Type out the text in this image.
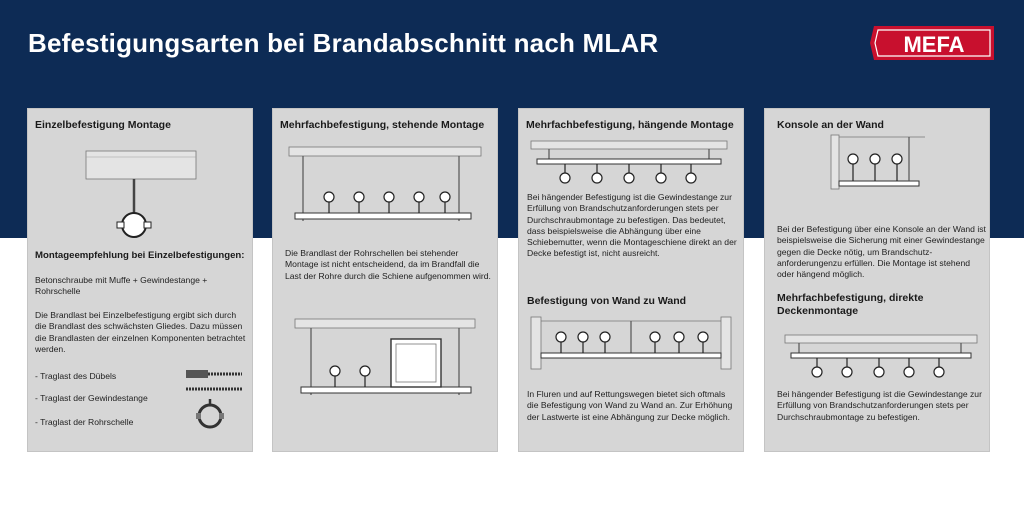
Befestigungsarten bei Brandabschnitt nach MLAR	MEFA
Einzelbefestigung Montage
Montageempfehlung bei Einzelbefestigungen:
Betonschraube mit Muffe + Gewindestange + Rohrschelle
Die Brandlast bei Einzelbefestigung ergibt sich durch die Brandlast des schwächsten Gliedes. Dazu müssen die Brandlasten der einzelnen Komponenten betrachtet werden.
- Traglast des Dübels
- Traglast der Gewindestange
- Traglast der Rohrschelle
Mehrfachbefestigung, stehende Montage
Die Brandlast der Rohrschellen bei stehender Montage ist nicht entscheidend, da im Brandfall die Last der Rohre durch die Schiene aufgenommen wird.
Mehrfachbefestigung, hängende Montage
Bei hängender Befestigung ist die Gewindestange zur Erfüllung von Brandschutzanforderungen stets per Durchschraubmontage zu befestigen. Das bedeutet, dass beispielsweise die Abhängung über eine Schiebemutter, wenn die Montageschiene direkt an der Decke befestigt ist, nicht ausreicht.
Befestigung von Wand zu Wand
In Fluren und auf Rettungswegen bietet sich oftmals die Befestigung von Wand zu Wand an. Zur Erhöhung der Lastwerte ist eine Abhängung zur Decke möglich.
Konsole an der Wand
Bei der Befestigung über eine Konsole an der Wand ist beispielsweise die Sicherung mit einer Gewindestange gegen die Decke nötig, um Brandschutz-anforderungenzu erfüllen. Die Montage ist stehend oder hängend möglich.
Mehrfachbefestigung, direkte Deckenmontage
Bei hängender Befestigung ist die Gewindestange zur Erfüllung von Brandschutzanforderungen stets per Durchschraubmontage zu befestigen.
